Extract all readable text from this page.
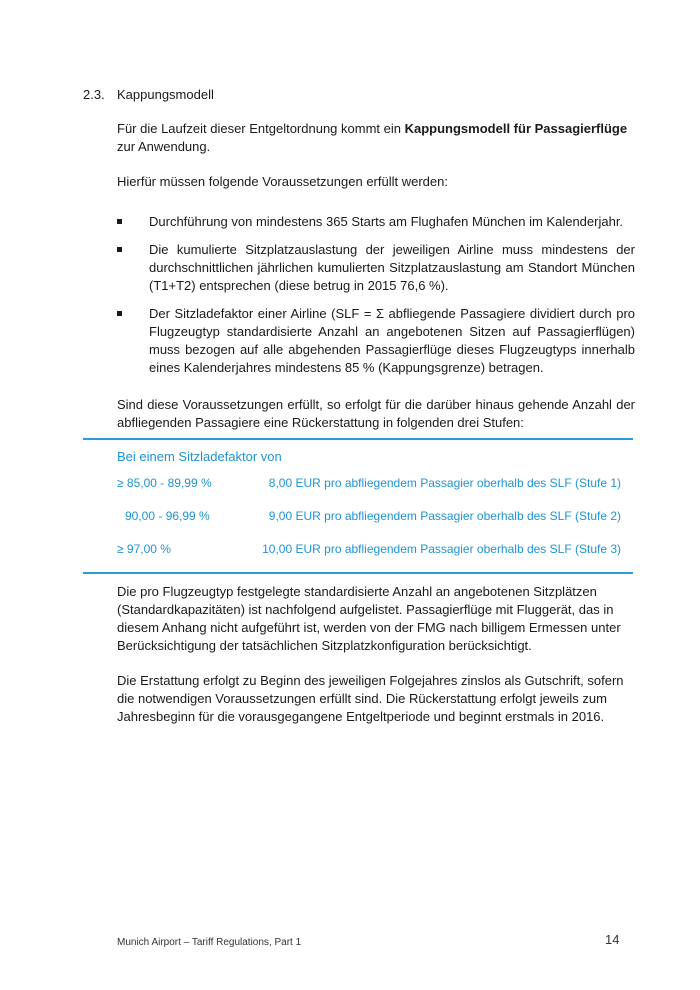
2.3. Kappungsmodell
Für die Laufzeit dieser Entgeltordnung kommt ein Kappungsmodell für Passagierflüge zur Anwendung.
Hierfür müssen folgende Voraussetzungen erfüllt werden:
Durchführung von mindestens 365 Starts am Flughafen München im Kalenderjahr.
Die kumulierte Sitzplatzauslastung der jeweiligen Airline muss mindestens der durchschnittlichen jährlichen kumulierten Sitzplatzauslastung am Standort München (T1+T2) entsprechen (diese betrug in 2015 76,6 %).
Der Sitzladefaktor einer Airline (SLF = Σ abfliegende Passagiere dividiert durch pro Flugzeugtyp standardisierte Anzahl an angebotenen Sitzen auf Passagierflügen) muss bezogen auf alle abgehenden Passagierflüge dieses Flugzeugtyps innerhalb eines Kalenderjahres mindestens 85 % (Kappungsgrenze) betragen.
Sind diese Voraussetzungen erfüllt, so erfolgt für die darüber hinaus gehende Anzahl der abfliegenden Passagiere eine Rückerstattung in folgenden drei Stufen:
Bei einem Sitzladefaktor von
≥ 85,00 - 89,99 %	8,00 EUR pro abfliegendem Passagier oberhalb des SLF (Stufe 1)
90,00 - 96,99 %	9,00 EUR pro abfliegendem Passagier oberhalb des SLF (Stufe 2)
≥ 97,00 %	10,00 EUR pro abfliegendem Passagier oberhalb des SLF (Stufe 3)
Die pro Flugzeugtyp festgelegte standardisierte Anzahl an angebotenen Sitzplätzen (Standardkapazitäten) ist nachfolgend aufgelistet. Passagierflüge mit Fluggerät, das in diesem Anhang nicht aufgeführt ist, werden von der FMG nach billigem Ermessen unter Berücksichtigung der tatsächlichen Sitzplatzkonfiguration berücksichtigt.
Die Erstattung erfolgt zu Beginn des jeweiligen Folgejahres zinslos als Gutschrift, sofern die notwendigen Voraussetzungen erfüllt sind. Die Rückerstattung erfolgt jeweils zum Jahresbeginn für die vorausgegangene Entgeltperiode und beginnt erstmals in 2016.
Munich Airport – Tariff Regulations, Part 1	14
